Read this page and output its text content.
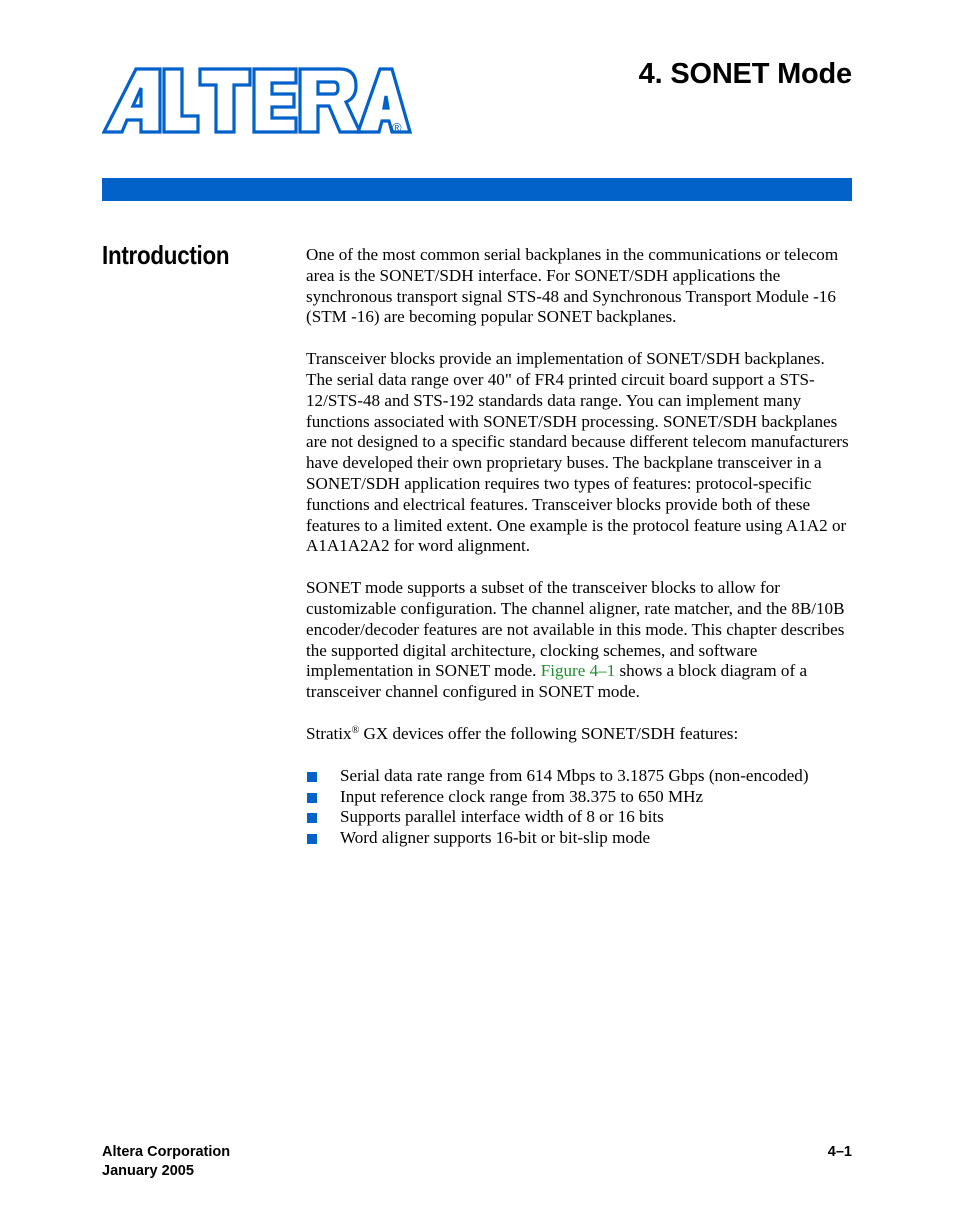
®
4. SONET Mode
Introduction	One of the most common serial backplanes in the communications or telecom area is the SONET/SDH interface. For SONET/SDH applications the synchronous transport signal STS-48 and Synchronous Transport Module -16 (STM -16) are becoming popular SONET backplanes.

Transceiver blocks provide an implementation of SONET/SDH backplanes. The serial data range over 40" of FR4 printed circuit board support a STS-12/STS-48 and STS-192 standards data range. You can implement many functions associated with SONET/SDH processing. SONET/SDH backplanes are not designed to a specific standard because different telecom manufacturers have developed their own proprietary buses. The backplane transceiver in a SONET/SDH application requires two types of features: protocol-specific functions and electrical features. Transceiver blocks provide both of these features to a limited extent. One example is the protocol feature using A1A2 or A1A1A2A2 for word alignment.

SONET mode supports a subset of the transceiver blocks to allow for customizable configuration. The channel aligner, rate matcher, and the 8B/10B encoder/decoder features are not available in this mode. This chapter describes the supported digital architecture, clocking schemes, and software implementation in SONET mode. Figure 4–1 shows a block diagram of a transceiver channel configured in SONET mode.

Stratix® GX devices offer the following SONET/SDH features:

Serial data rate range from 614 Mbps to 3.1875 Gbps (non-encoded)
Input reference clock range from 38.375 to 650 MHz
Supports parallel interface width of 8 or 16 bits
Word aligner supports 16-bit or bit-slip mode
Altera Corporation
January 2005
4–1
